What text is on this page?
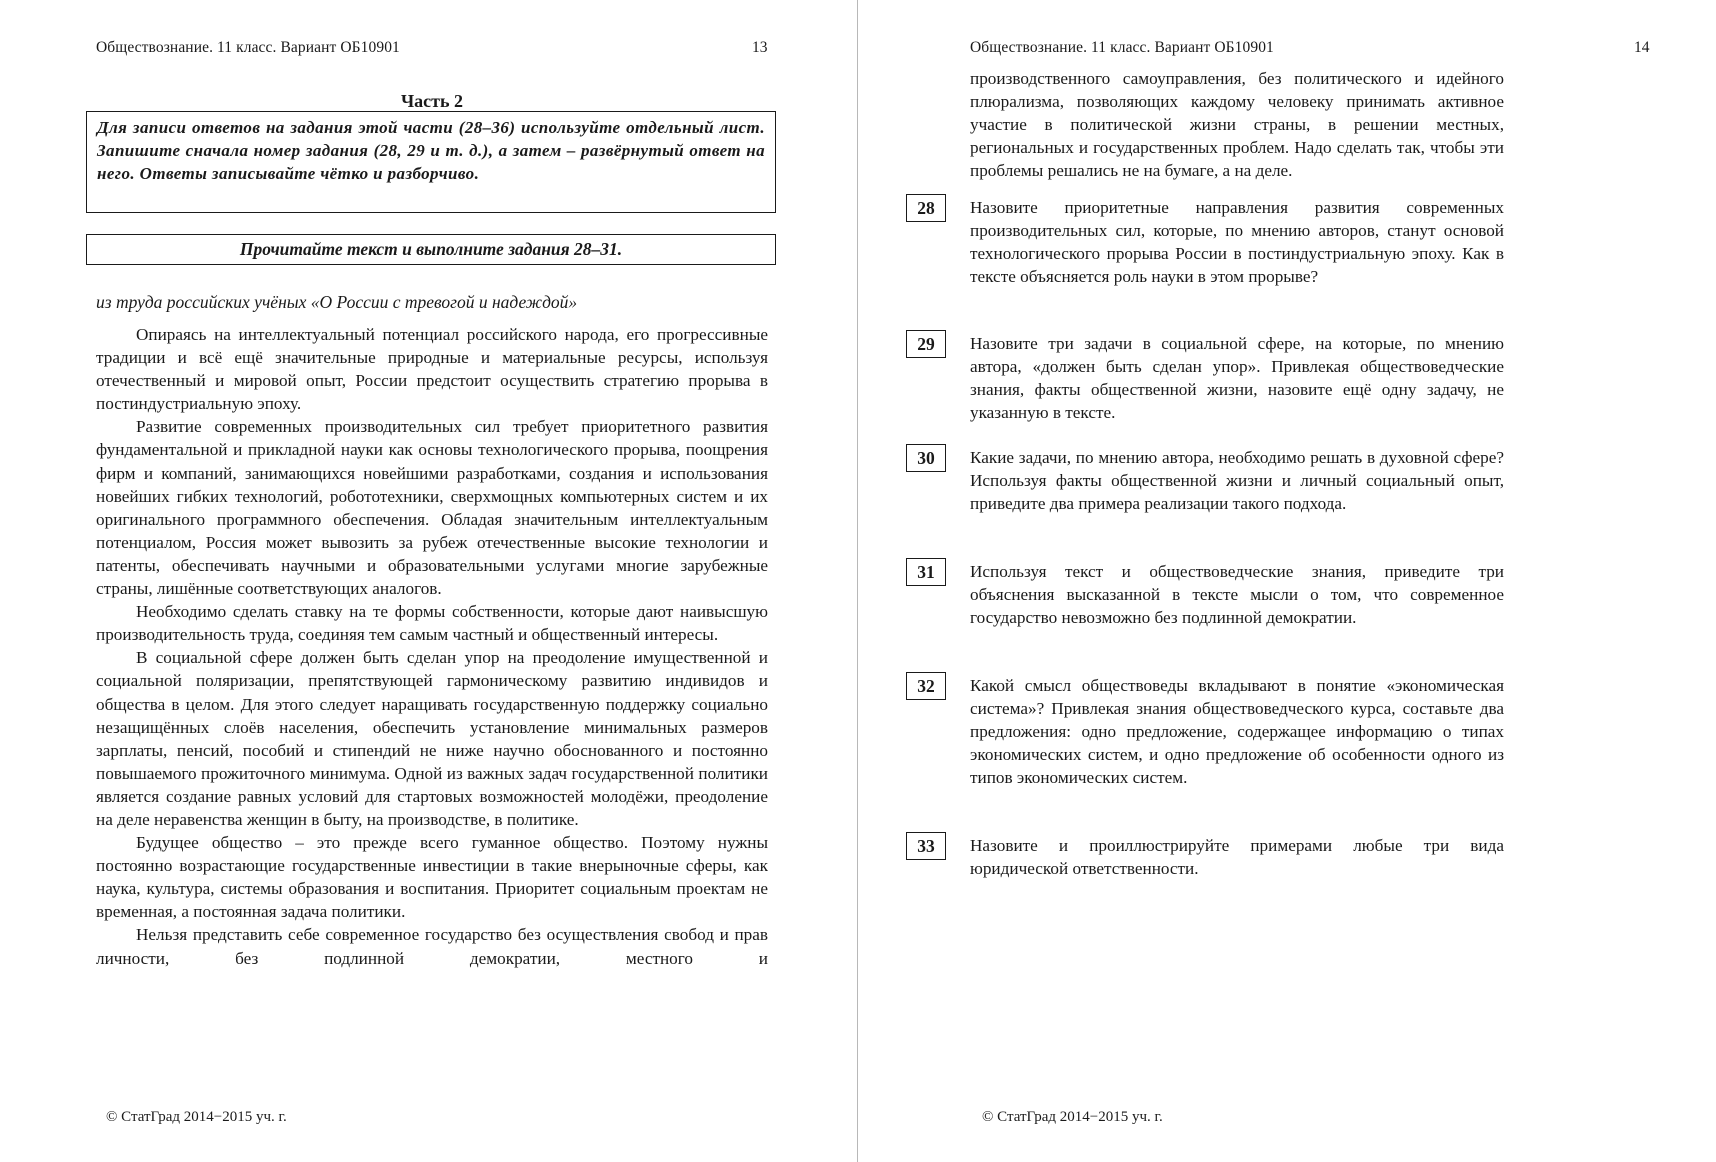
Обществознание. 11 класс. Вариант ОБ10901	13
Часть 2
Для записи ответов на задания этой части (28–36) используйте отдельный лист. Запишите сначала номер задания (28, 29 и т. д.), а затем – развёрнутый ответ на него. Ответы записывайте чётко и разборчиво.
Прочитайте текст и выполните задания 28–31.
из труда российских учёных «О России с тревогой и надеждой»

Опираясь на интеллектуальный потенциал российского народа, его прогрессивные традиции и всё ещё значительные природные и материальные ресурсы, используя отечественный и мировой опыт, России предстоит осуществить стратегию прорыва в постиндустриальную эпоху.

Развитие современных производительных сил требует приоритетного развития фундаментальной и прикладной науки как основы технологического прорыва, поощрения фирм и компаний, занимающихся новейшими разработками, создания и использования новейших гибких технологий, робототехники, сверхмощных компьютерных систем и их оригинального программного обеспечения. Обладая значительным интеллектуальным потенциалом, Россия может вывозить за рубеж отечественные высокие технологии и патенты, обеспечивать научными и образовательными услугами многие зарубежные страны, лишённые соответствующих аналогов.

Необходимо сделать ставку на те формы собственности, которые дают наивысшую производительность труда, соединяя тем самым частный и общественный интересы.

В социальной сфере должен быть сделан упор на преодоление имущественной и социальной поляризации, препятствующей гармоническому развитию индивидов и общества в целом. Для этого следует наращивать государственную поддержку социально незащищённых слоёв населения, обеспечить установление минимальных размеров зарплаты, пенсий, пособий и стипендий не ниже научно обоснованного и постоянно повышаемого прожиточного минимума. Одной из важных задач государственной политики является создание равных условий для стартовых возможностей молодёжи, преодоление на деле неравенства женщин в быту, на производстве, в политике.

Будущее общество – это прежде всего гуманное общество. Поэтому нужны постоянно возрастающие государственные инвестиции в такие внерыночные сферы, как наука, культура, системы образования и воспитания. Приоритет социальным проектам не временная, а постоянная задача политики.

Нельзя представить себе современное государство без осуществления свобод и прав личности, без подлинной демократии, местного и

© СтатГрад 2014−2015 уч. г.
Обществознание. 11 класс. Вариант ОБ10901	14

производственного самоуправления, без политического и идейного плюрализма, позволяющих каждому человеку принимать активное участие в политической жизни страны, в решении местных, региональных и государственных проблем. Надо сделать так, чтобы эти проблемы решались не на бумаге, а на деле.

28	Назовите приоритетные направления развития современных производительных сил, которые, по мнению авторов, станут основой технологического прорыва России в постиндустриальную эпоху. Как в тексте объясняется роль науки в этом прорыве?

29	Назовите три задачи в социальной сфере, на которые, по мнению автора, «должен быть сделан упор». Привлекая обществоведческие знания, факты общественной жизни, назовите ещё одну задачу, не указанную в тексте.

30	Какие задачи, по мнению автора, необходимо решать в духовной сфере? Используя факты общественной жизни и личный социальный опыт, приведите два примера реализации такого подхода.

31	Используя текст и обществоведческие знания, приведите три объяснения высказанной в тексте мысли о том, что современное государство невозможно без подлинной демократии.

32	Какой смысл обществоведы вкладывают в понятие «экономическая система»? Привлекая знания обществоведческого курса, составьте два предложения: одно предложение, содержащее информацию о типах экономических систем, и одно предложение об особенности одного из типов экономических систем.

33	Назовите и проиллюстрируйте примерами любые три вида юридической ответственности.

© СтатГрад 2014−2015 уч. г.
